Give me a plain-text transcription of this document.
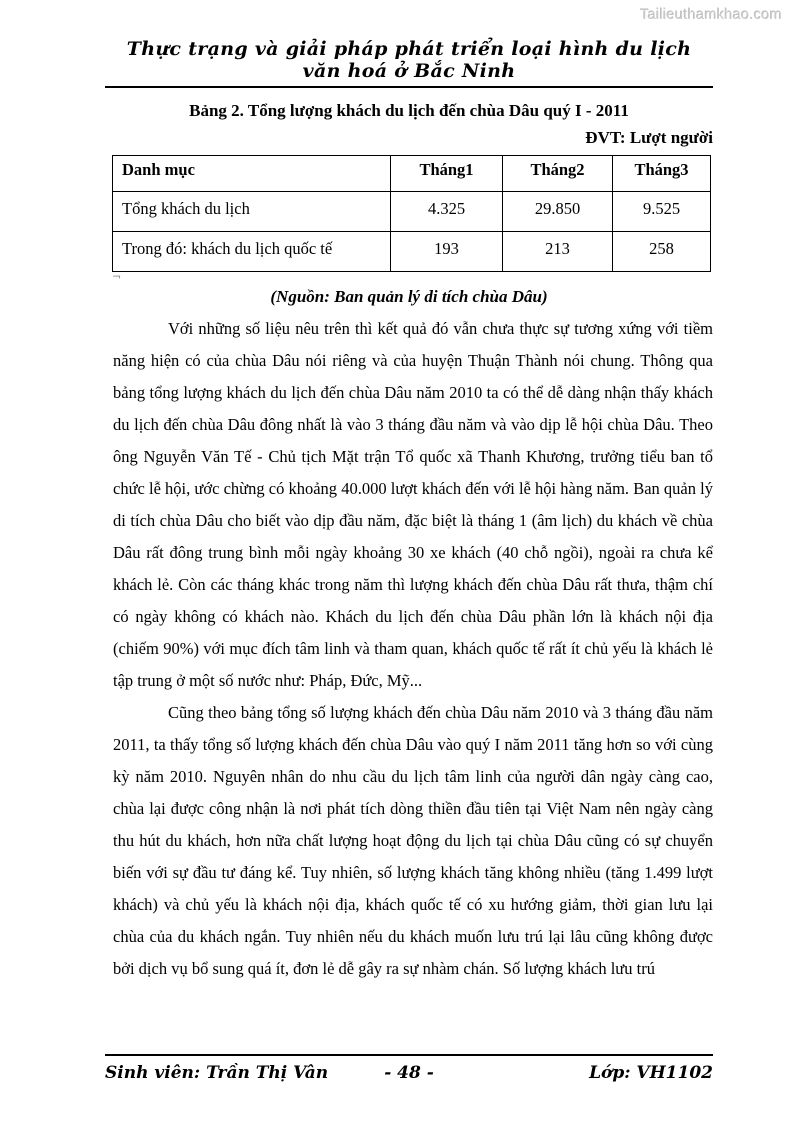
Tailieuthamkhao.com
Thực trạng và giải pháp phát triển loại hình du lịch văn hoá ở Bắc Ninh
Bảng 2. Tổng lượng khách du lịch đến chùa Dâu quý I - 2011
ĐVT: Lượt người
Danh mục	Tháng1	Tháng2	Tháng3
Tổng khách du lịch	4.325	29.850	9.525
Trong đó: khách du lịch quốc tế	193	213	258
¬
(Nguồn: Ban quản lý di tích chùa Dâu)

Với những số liệu nêu trên thì kết quả đó vẫn chưa thực sự tương xứng với tiềm năng hiện có của chùa Dâu nói riêng và của huyện Thuận Thành nói chung. Thông qua bảng tổng lượng khách du lịch đến chùa Dâu năm 2010 ta có thể dễ dàng nhận thấy khách du lịch đến chùa Dâu đông nhất là vào 3 tháng đầu năm và vào dịp lễ hội chùa Dâu. Theo ông Nguyễn Văn Tế - Chủ tịch Mặt trận Tổ quốc xã Thanh Khương, trưởng tiểu ban tổ chức lễ hội, ước chừng có khoảng 40.000 lượt khách đến với lễ hội hàng năm. Ban quản lý di tích chùa Dâu cho biết vào dịp đầu năm, đặc biệt là tháng 1 (âm lịch) du khách về chùa Dâu rất đông trung bình mỗi ngày khoảng 30 xe khách (40 chỗ ngồi), ngoài ra chưa kể khách lẻ. Còn các tháng khác trong năm thì lượng khách đến chùa Dâu rất thưa, thậm chí có ngày không có khách nào. Khách du lịch đến chùa Dâu phần lớn là khách nội địa (chiếm 90%) với mục đích tâm linh và tham quan, khách quốc tế rất ít chủ yếu là khách lẻ tập trung ở một số nước như: Pháp, Đức, Mỹ...

Cũng theo bảng tổng số lượng khách đến chùa Dâu năm 2010 và 3 tháng đầu năm 2011, ta thấy tổng số lượng khách đến chùa Dâu vào quý I năm 2011 tăng hơn so với cùng kỳ năm 2010. Nguyên nhân do nhu cầu du lịch tâm linh của người dân ngày càng cao, chùa lại được công nhận là nơi phát tích dòng thiền đầu tiên tại Việt Nam nên ngày càng thu hút du khách, hơn nữa chất lượng hoạt động du lịch tại chùa Dâu cũng có sự chuyển biến với sự đầu tư đáng kể. Tuy nhiên, số lượng khách tăng không nhiều (tăng 1.499 lượt khách) và chủ yếu là khách nội địa, khách quốc tế có xu hướng giảm, thời gian lưu lại chùa của du khách ngắn. Tuy nhiên nếu du khách muốn lưu trú lại lâu cũng không được bởi dịch vụ bổ sung quá ít, đơn lẻ dễ gây ra sự nhàm chán. Số lượng khách lưu trú

Sinh viên: Trần Thị Vân	- 48 -	Lớp: VH1102
